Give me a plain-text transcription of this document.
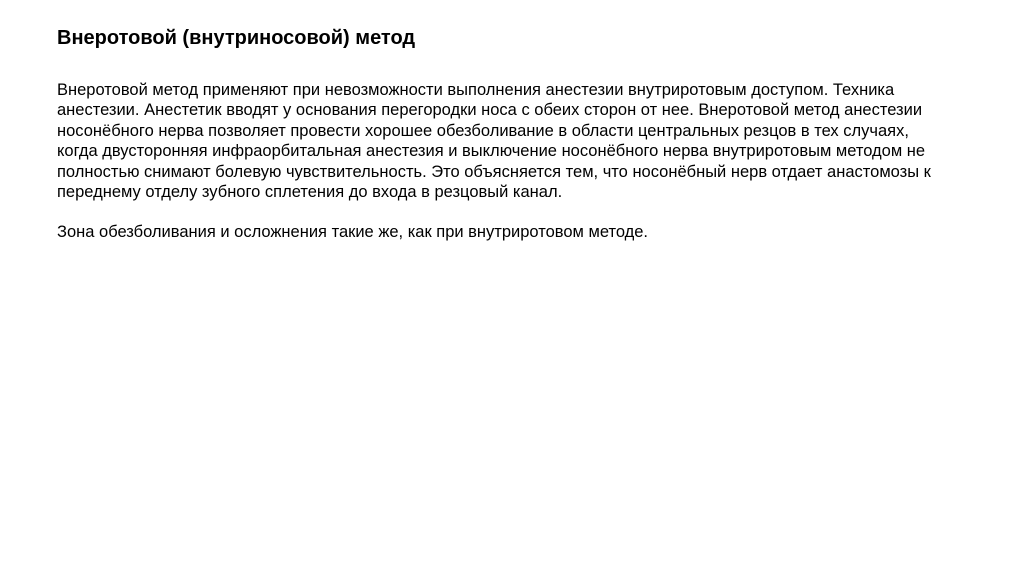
Внеротовой (внутриносовой) метод

Внеротовой метод применяют при невозможности выполнения анестезии внутриротовым доступом. Техника
анестезии. Анестетик вводят у основания перегородки носа с обеих сторон от нее. Внеротовой метод анестезии
носонёбного нерва позволяет провести хорошее обезболивание в области центральных резцов в тех случаях,
когда двусторонняя инфраорбитальная анестезия и выключение носонёбного нерва внутриротовым методом не
полностью снимают болевую чувствительность. Это объясняется тем, что носонёбный нерв отдает анастомозы к
переднему отделу зубного сплетения до входа в резцовый канал.

Зона обезболивания и осложнения такие же, как при внутриротовом методе.
